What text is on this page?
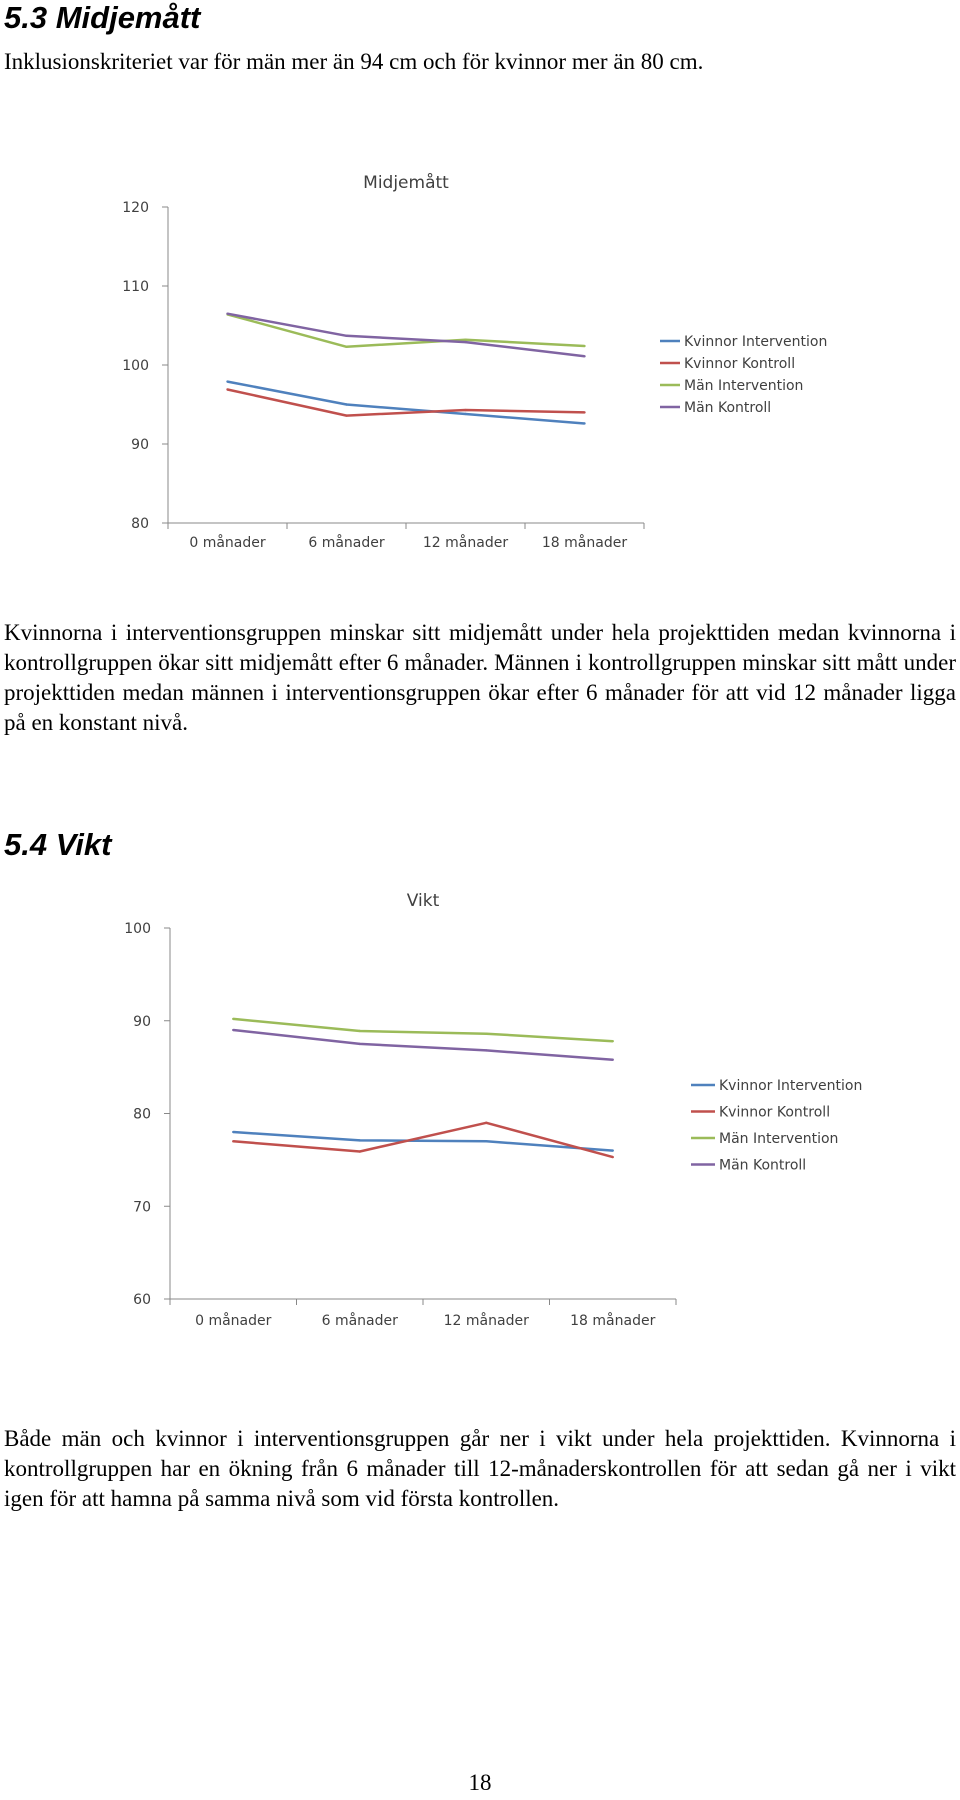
5.3 Midjemått

Inklusionskriteriet var för män mer än 94 cm och för kvinnor mer än 80 cm.

Midjemått
80
90
100
110
120
0 månader	6 månader	12 månader 18 månader
Kvinnor Intervention
Kvinnor Kontroll
Män Intervention
Män Kontroll

Kvinnorna i interventionsgruppen minskar sitt midjemått under hela projekttiden medan kvinnorna i kontrollgruppen ökar sitt midjemått efter 6 månader. Männen i kontrollgruppen minskar sitt mått under projekttiden medan männen i interventionsgruppen ökar efter 6 månader för att vid 12 månader ligga på en konstant nivå.

5.4 Vikt
Vikt
60
70
80
90
100
0 månader	6 månader	12 månader	18 månader
Kvinnor Intervention
Kvinnor Kontroll
Män Intervention
Män Kontroll

Både män och kvinnor i interventionsgruppen går ner i vikt under hela projekttiden. Kvinnorna i kontrollgruppen har en ökning från 6 månader till 12-månaderskontrollen för att sedan gå ner i vikt igen för att hamna på samma nivå som vid första kontrollen.

18
